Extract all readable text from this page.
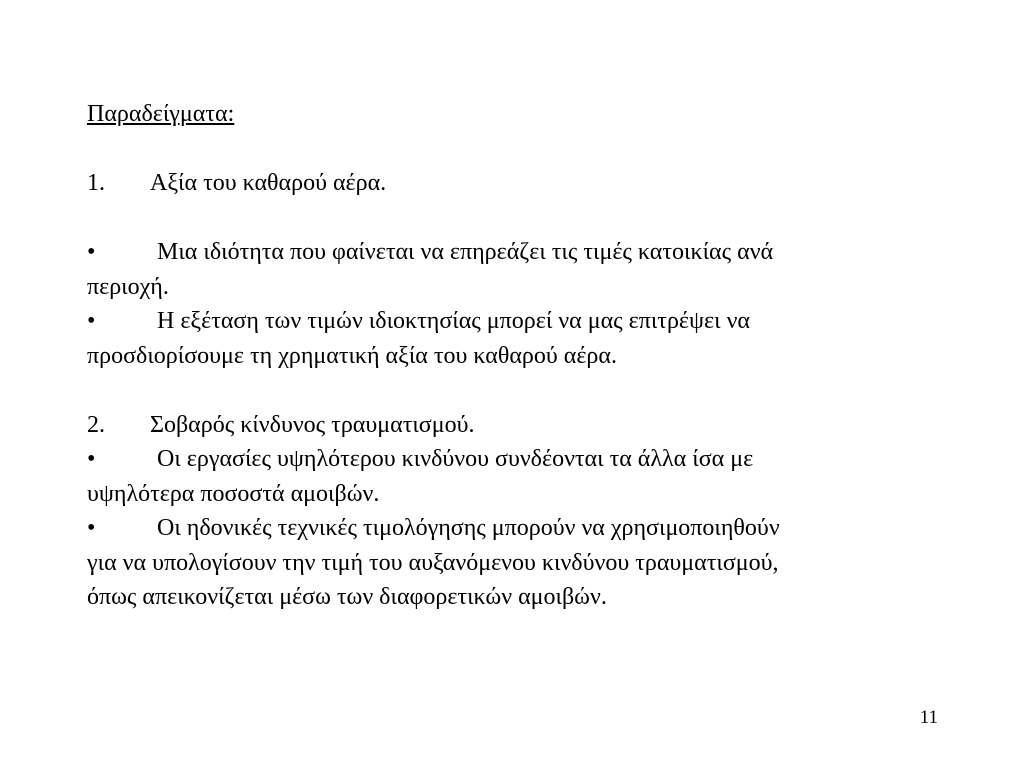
Παραδείγματα:

1. Αξία του καθαρού αέρα.

•	Μια ιδιότητα που φαίνεται να επηρεάζει τις τιμές κατοικίας ανά

περιοχή.

•	Η εξέταση των τιμών ιδιοκτησίας μπορεί να μας επιτρέψει να

προσδιορίσουμε τη χρηματική αξία του καθαρού αέρα.

2. Σοβαρός κίνδυνος τραυματισμού.

•	Οι εργασίες υψηλότερου κινδύνου συνδέονται τα άλλα ίσα με

υψηλότερα ποσοστά αμοιβών.

•	Οι ηδονικές τεχνικές τιμολόγησης μπορούν να χρησιμοποιηθούν

για να υπολογίσουν την τιμή του αυξανόμενου κινδύνου τραυματισμού,

όπως απεικονίζεται μέσω των διαφορετικών αμοιβών.

11
